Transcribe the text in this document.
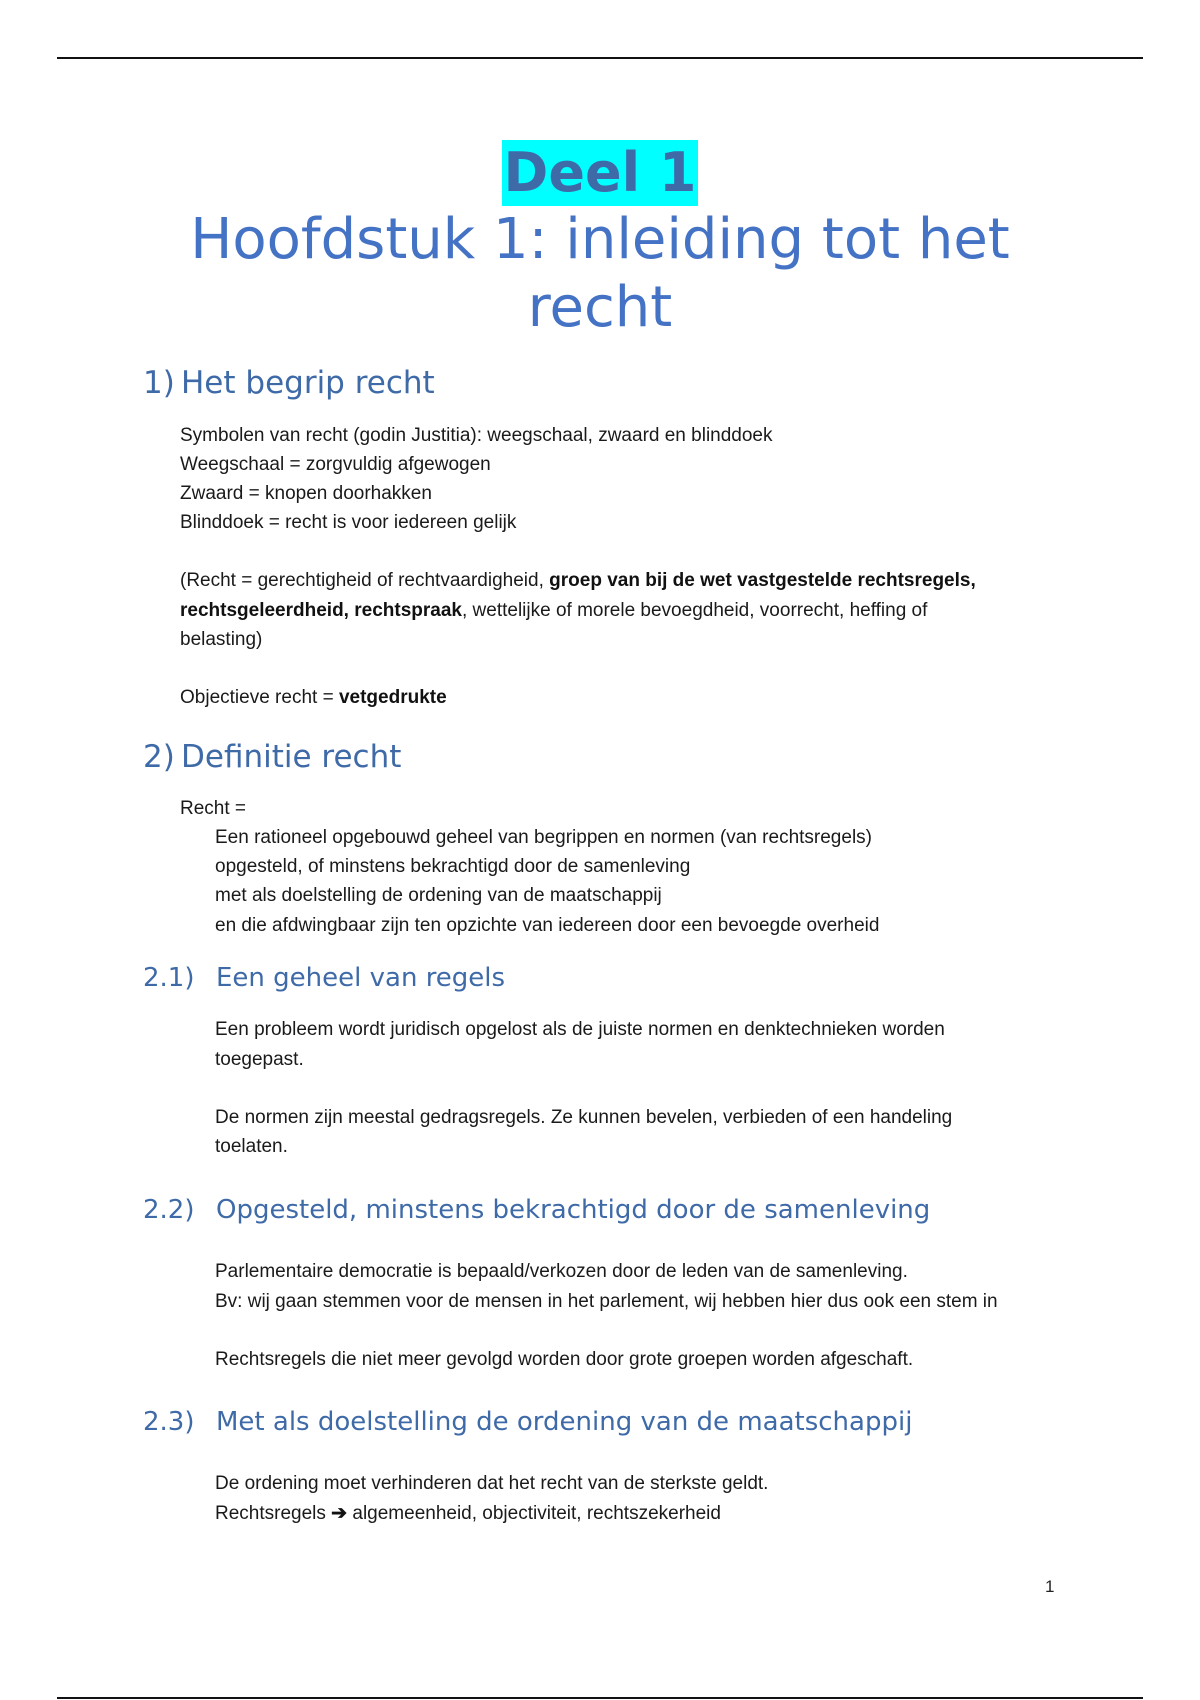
Deel 1
Hoofdstuk 1: inleiding tot het recht
1) Het begrip recht
Symbolen van recht (godin Justitia): weegschaal, zwaard en blinddoek
Weegschaal = zorgvuldig afgewogen
Zwaard = knopen doorhakken
Blinddoek = recht is voor iedereen gelijk
(Recht = gerechtigheid of rechtvaardigheid, groep van bij de wet vastgestelde rechtsregels,
rechtsgeleerdheid, rechtspraak, wettelijke of morele bevoegdheid, voorrecht, heffing of
belasting)
Objectieve recht = vetgedrukte
2) Definitie recht
Recht =
Een rationeel opgebouwd geheel van begrippen en normen (van rechtsregels)
opgesteld, of minstens bekrachtigd door de samenleving
met als doelstelling de ordening van de maatschappij
en die afdwingbaar zijn ten opzichte van iedereen door een bevoegde overheid
2.1) Een geheel van regels
Een probleem wordt juridisch opgelost als de juiste normen en denktechnieken worden
toegepast.
De normen zijn meestal gedragsregels. Ze kunnen bevelen, verbieden of een handeling
toelaten.
2.2) Opgesteld, minstens bekrachtigd door de samenleving
Parlementaire democratie is bepaald/verkozen door de leden van de samenleving.
Bv: wij gaan stemmen voor de mensen in het parlement, wij hebben hier dus ook een stem in
Rechtsregels die niet meer gevolgd worden door grote groepen worden afgeschaft.
2.3) Met als doelstelling de ordening van de maatschappij
De ordening moet verhinderen dat het recht van de sterkste geldt.
Rechtsregels ➔ algemeenheid, objectiviteit, rechtszekerheid
1
